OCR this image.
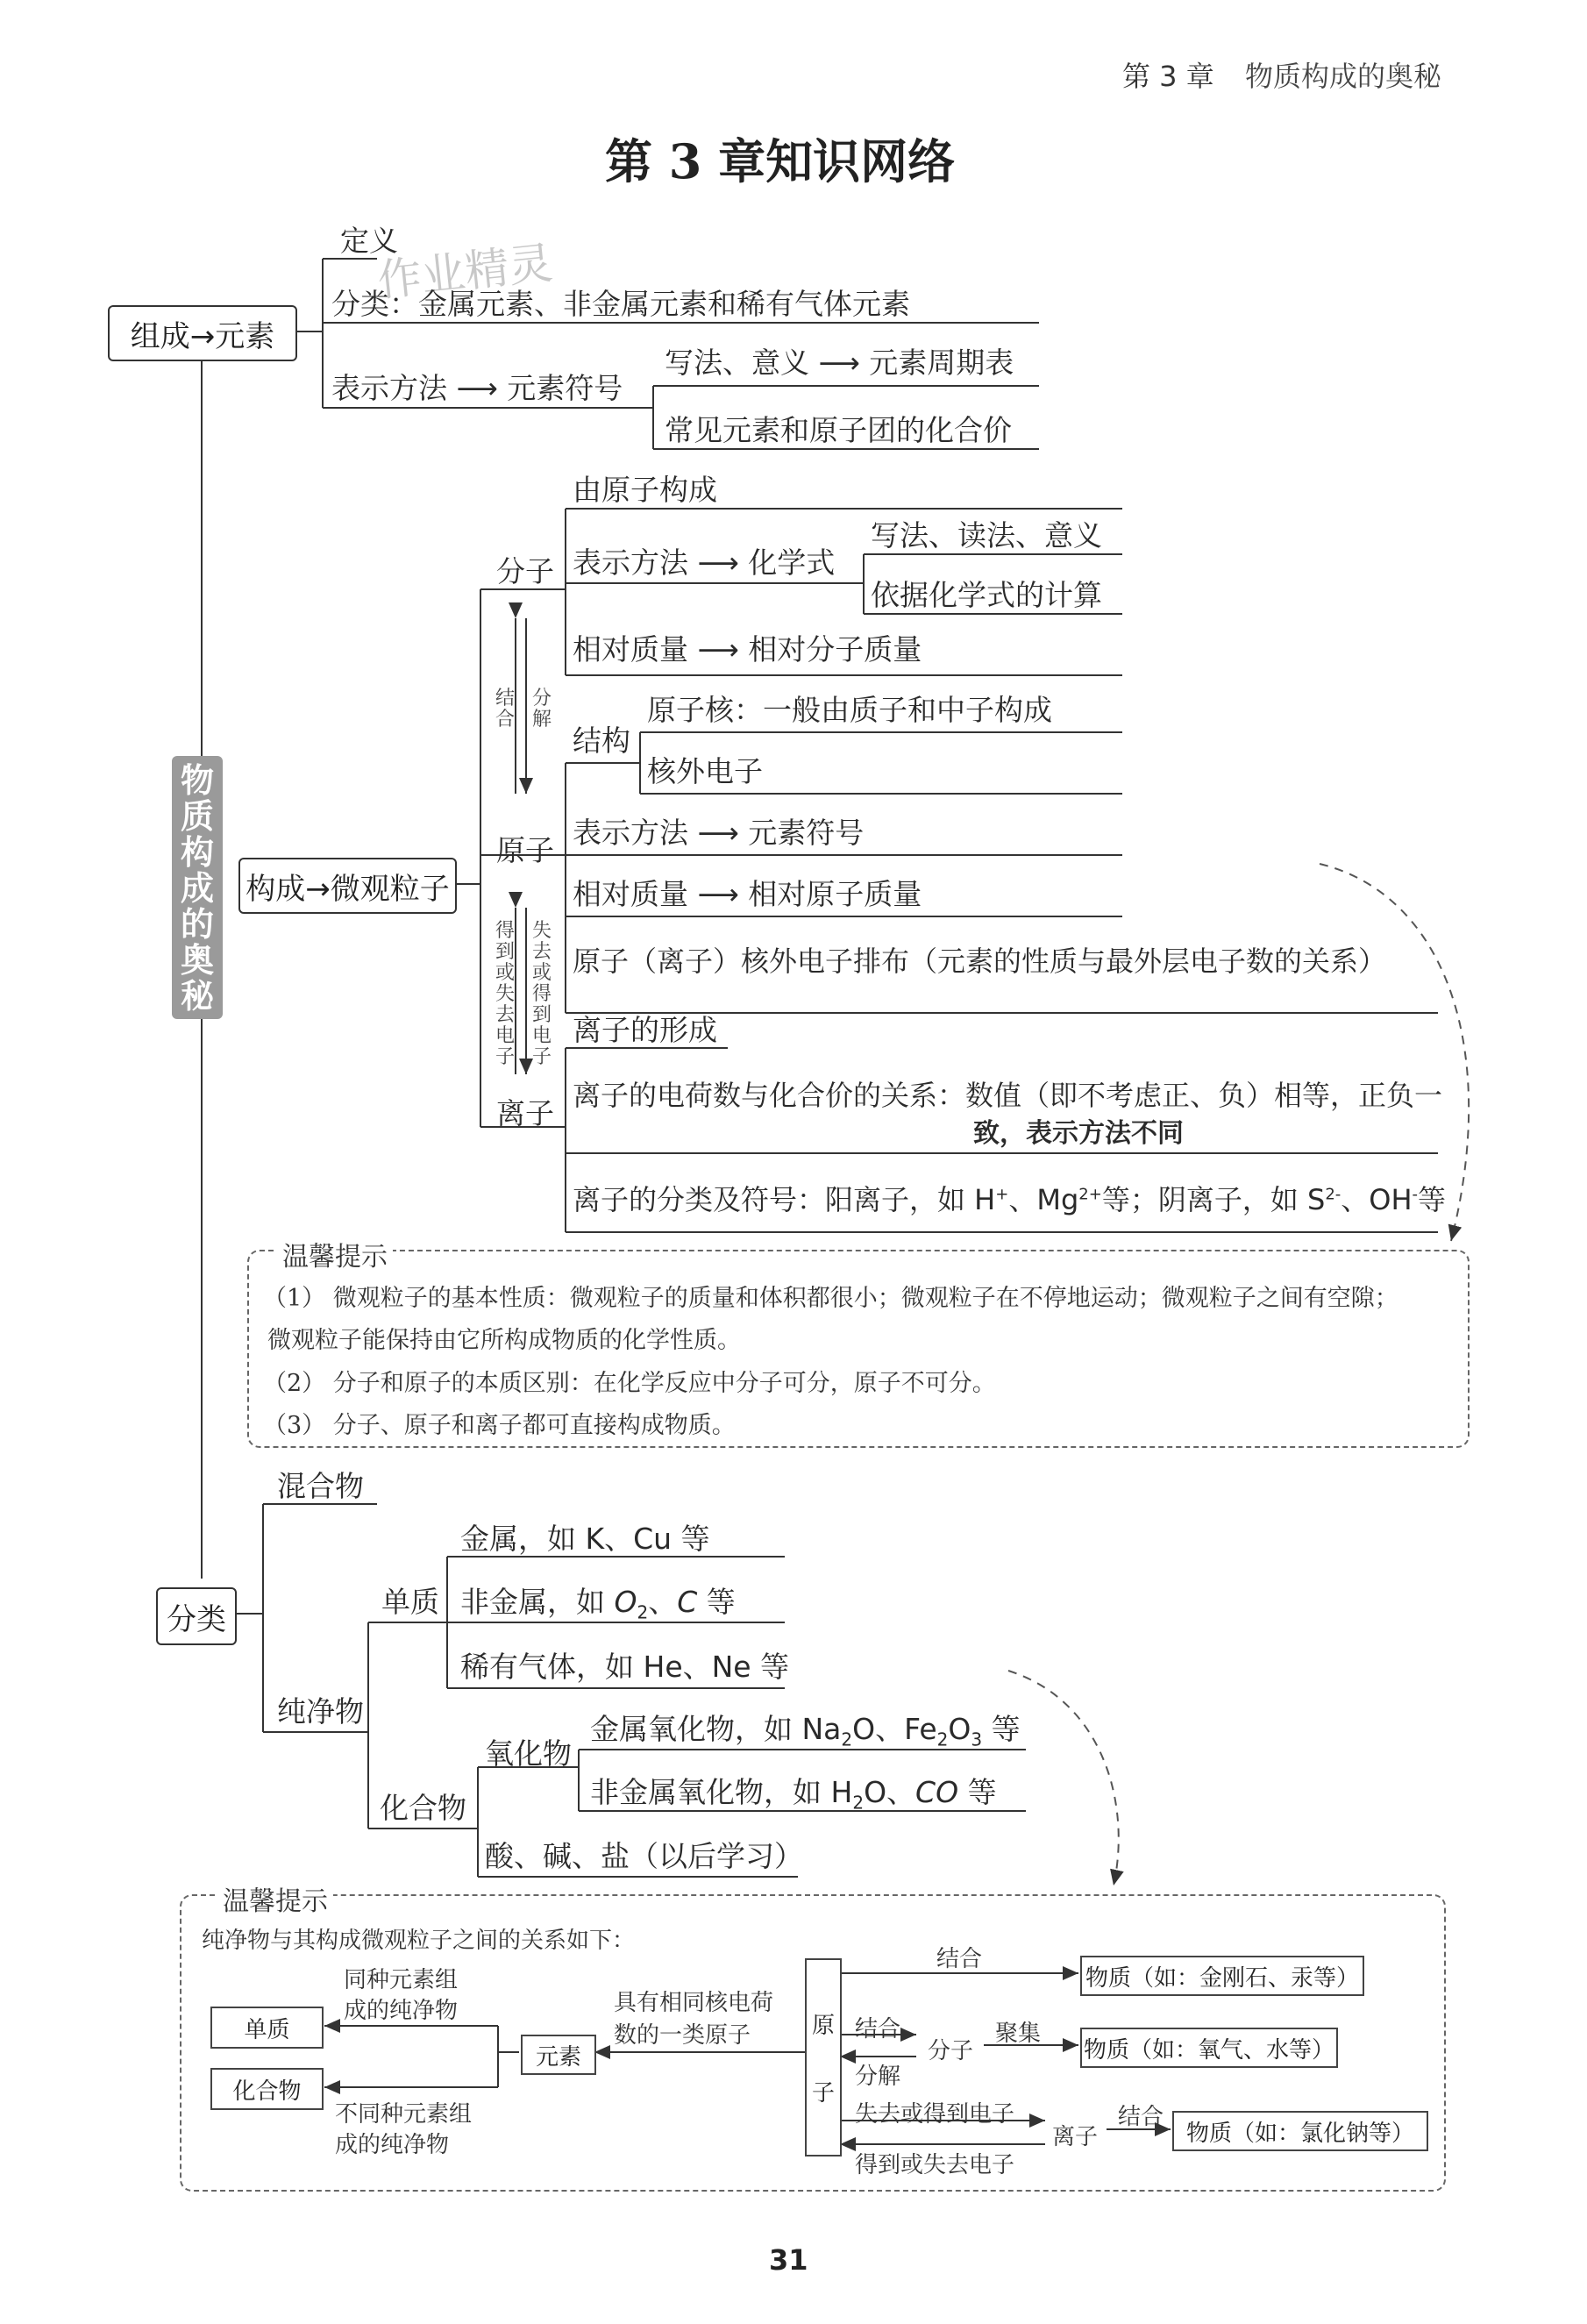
第 3 章 物质构成的奥秘
第 3 章知识网络
作业精灵
物质构成的奥秘
组成→元素
定义
分类：金属元素、非金属元素和稀有气体元素
表示方法 ⟶ 元素符号
写法、意义 ⟶ 元素周期表
常见元素和原子团的化合价
构成→微观粒子
分子
由原子构成
表示方法 ⟶ 化学式
写法、读法、意义
依据化学式的计算
相对质量 ⟶ 相对分子质量
结合
分解
结构
原子核：一般由质子和中子构成
核外电子
原子
表示方法 ⟶ 元素符号
相对质量 ⟶ 相对原子质量
原子（离子）核外电子排布（元素的性质与最外层电子数的关系）
得到或失去电子
失去或得到电子
离子的形成
离子
离子的电荷数与化合价的关系：数值（即不考虑正、负）相等，正负一
致，表示方法不同
离子的分类及符号：阳离子，如 H+、$Mg^{2+}$等；阴离子，如 $S^{2-}$、OH-等
温馨提示
（1） 微观粒子的基本性质：微观粒子的质量和体积都很小；微观粒子在不停地运动；微观粒子之间有空隙；
微观粒子能保持由它所构成物质的化学性质。
（2） 分子和原子的本质区别：在化学反应中分子可分，原子不可分。
（3） 分子、原子和离子都可直接构成物质。
分类
混合物
纯净物
单质
金属，如 K、Cu 等
非金属，如 $O_2$、C 等
稀有气体，如 He、Ne 等
氧化物
化合物
金属氧化物，如 $Na_2O$、$Fe_2O_3$ 等
非金属氧化物，如 $H_2O$、CO 等
酸、碱、盐（以后学习）
温馨提示
纯净物与其构成微观粒子之间的关系如下：
单质
化合物
同种元素组
成的纯净物
不同种元素组
成的纯净物
元素
具有相同核电荷
数的一类原子	原
子
结合
结合
分解
分子
聚集
失去或得到电子
得到或失去电子
离子
结合
物质（如：金刚石、汞等）
物质（如：氧气、水等）
物质（如：氯化钠等）
31
